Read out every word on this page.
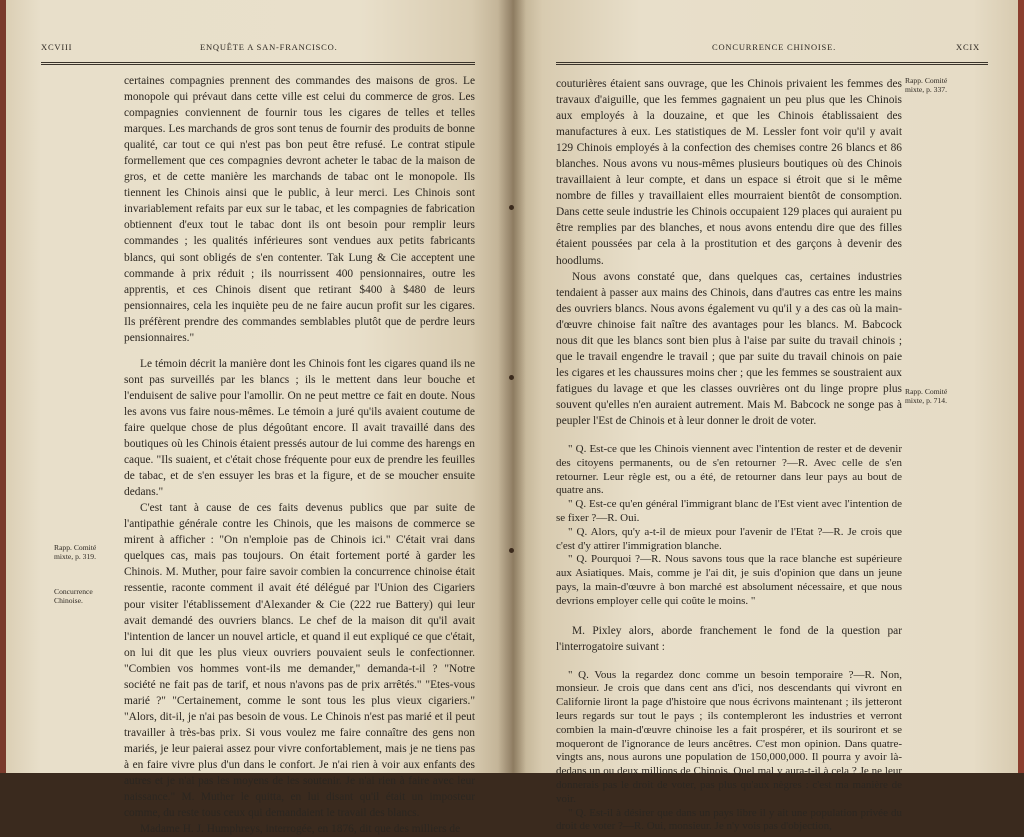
XCVIII	ENQUÊTE A SAN-FRANCISCO.

certaines compagnies prennent des commandes des maisons de gros. Le monopole qui prévaut dans cette ville est celui du commerce de gros. Les compagnies conviennent de fournir tous les cigares de telles et telles marques. Les marchands de gros sont tenus de fournir des produits de bonne qualité, car tout ce qui n'est pas bon peut être refusé. Le contrat stipule formellement que ces compagnies devront acheter le tabac de la maison de gros, et de cette manière les marchands de tabac ont le monopole. Ils tiennent les Chinois ainsi que le public, à leur merci. Les Chinois sont invariablement refaits par eux sur le tabac, et les compagnies de fabrication obtiennent d'eux tout le tabac dont ils ont besoin pour remplir leurs commandes ; les qualités inférieures sont vendues aux petits fabricants blancs, qui sont obligés de s'en contenter. Tak Lung & Cie acceptent une commande à prix réduit ; ils nourrissent 400 pensionnaires, outre les apprentis, et ces Chinois disent que retirant $400 à $480 de leurs pensionnaires, cela les inquiète peu de ne faire aucun profit sur les cigares. Ils préfèrent prendre des commandes semblables plutôt que de perdre leurs pensionnaires."

Le témoin décrit la manière dont les Chinois font les cigares quand ils ne sont pas surveillés par les blancs ; ils le mettent dans leur bouche et l'enduisent de salive pour l'amollir. On ne peut mettre ce fait en doute. Nous les avons vus faire nous-mêmes. Le témoin a juré qu'ils avaient coutume de faire quelque chose de plus dégoûtant encore. Il avait travaillé dans des boutiques où les Chinois étaient pressés autour de lui comme des harengs en caque. "Ils suaient, et c'était chose fréquente pour eux de prendre les feuilles de tabac, et de s'en essuyer les bras et la figure, et de se moucher ensuite dedans."

C'est tant à cause de ces faits devenus publics que par suite de l'antipathie générale contre les Chinois, que les maisons de commerce se mirent à afficher : "On n'emploie pas de Chinois ici." C'était vrai dans quelques cas, mais pas toujours. On était fortement porté à garder les Chinois. M. Muther, pour faire savoir combien la concurrence chinoise était ressentie, raconte comment il avait été délégué par l'Union des Cigariers pour visiter l'établissement d'Alexander & Cie (222 rue Battery) qui leur avait demandé des ouvriers blancs. Le chef de la maison dit qu'il avait l'intention de lancer un nouvel article, et quand il eut expliqué ce que c'était, on lui dit que les plus vieux ouvriers pouvaient seuls le confectionner. "Combien vos hommes vont-ils me demander," demanda-t-il ? "Notre société ne fait pas de tarif, et nous n'avons pas de prix arrêtés." "Etes-vous marié ?" "Certainement, comme le sont tous les plus vieux cigariers." "Alors, dit-il, je n'ai pas besoin de vous. Le Chinois n'est pas marié et il peut travailler à très-bas prix. Si vous voulez me faire connaître des gens non mariés, je leur paierai assez pour vivre confortablement, mais je ne tiens pas à en faire vivre plus d'un dans le confort. Je n'ai rien à voir aux enfants des autres et je n'ai pas les moyens de les soutenir. Je n'ai rien à faire avec leur naissance." M. Muther le quitta, en lui disant qu'il était un imposteur comme, du reste tous ceux qui demandaient le travail des blancs.

Madame H. J. Humphreys, interrogée, en 1876, dit que des milliers de

Rapp. Comité
mixte, p. 319.
Concurrence
Chinoise.
CONCURRENCE CHINOISE.	XCIX

couturières étaient sans ouvrage, que les Chinois privaient les femmes des travaux d'aiguille, que les femmes gagnaient un peu plus que les Chinois aux employés à la douzaine, et que les Chinois établissaient des manufactures à eux. Les statistiques de M. Lessler font voir qu'il y avait 129 Chinois employés à la confection des chemises contre 26 blancs et 86 blanches. Nous avons vu nous-mêmes plusieurs boutiques où des Chinois travaillaient à leur compte, et dans un espace si étroit que si le même nombre de filles y travaillaient elles mourraient bientôt de consomption. Dans cette seule industrie les Chinois occupaient 129 places qui auraient pu être remplies par des blanches, et nous avons entendu dire que des filles étaient poussées par cela à la prostitution et des garçons à devenir des hoodlums.

Nous avons constaté que, dans quelques cas, certaines industries tendaient à passer aux mains des Chinois, dans d'autres cas entre les mains des ouvriers blancs. Nous avons également vu qu'il y a des cas où la main-d'œuvre chinoise fait naître des avantages pour les blancs. M. Babcock nous dit que les blancs sont bien plus à l'aise par suite du travail chinois ; que le travail engendre le travail ; que par suite du travail chinois on paie les cigares et les chaussures moins cher ; que les femmes se soustraient aux fatigues du lavage et que les classes ouvrières ont du linge propre plus souvent qu'elles n'en auraient autrement. Mais M. Babcock ne songe pas à peupler l'Est de Chinois et à leur donner le droit de voter.

" Q. Est-ce que les Chinois viennent avec l'intention de rester et de devenir des citoyens permanents, ou de s'en retourner ?—R. Avec celle de s'en retourner. Leur règle est, ou a été, de retourner dans leur pays au bout de quatre ans.

" Q. Est-ce qu'en général l'immigrant blanc de l'Est vient avec l'intention de se fixer ?—R. Oui.

" Q. Alors, qu'y a-t-il de mieux pour l'avenir de l'Etat ?—R. Je crois que c'est d'y attirer l'immigration blanche.

" Q. Pourquoi ?—R. Nous savons tous que la race blanche est supérieure aux Asiatiques. Mais, comme je l'ai dit, je suis d'opinion que dans un jeune pays, la main-d'œuvre à bon marché est absolument nécessaire, et que nous devrions employer celle qui coûte le moins. "

M. Pixley alors, aborde franchement le fond de la question par l'interrogatoire suivant :

" Q. Vous la regardez donc comme un besoin temporaire ?—R. Non, monsieur. Je crois que dans cent ans d'ici, nos descendants qui vivront en Californie liront la page d'histoire que nous écrivons maintenant ; ils jetteront leurs regards sur tout le pays ; ils contempleront les industries et verront combien la main-d'œuvre chinoise les a fait prospérer, et ils souriront et se moqueront de l'ignorance de leurs ancêtres. C'est mon opinion. Dans quatre-vingts ans, nous aurons une population de 150,000,000. Il pourra y avoir là-dedans un ou deux millions de Chinois. Quel mal y aura-t-il à cela ? Je ne leur donnerais pas le droit de voter, pas plus qu'aux nègres : c'est ma manière de voir.

" Q. Est-il à désirer que dans un pays libre il y ait une population privée du droit de voter ?—R. Oui, monsieur. Je n'y vois pas d'objection,

Rapp. Comité
mixte, p. 337.
Rapp. Comité
mixte, p. 714.
